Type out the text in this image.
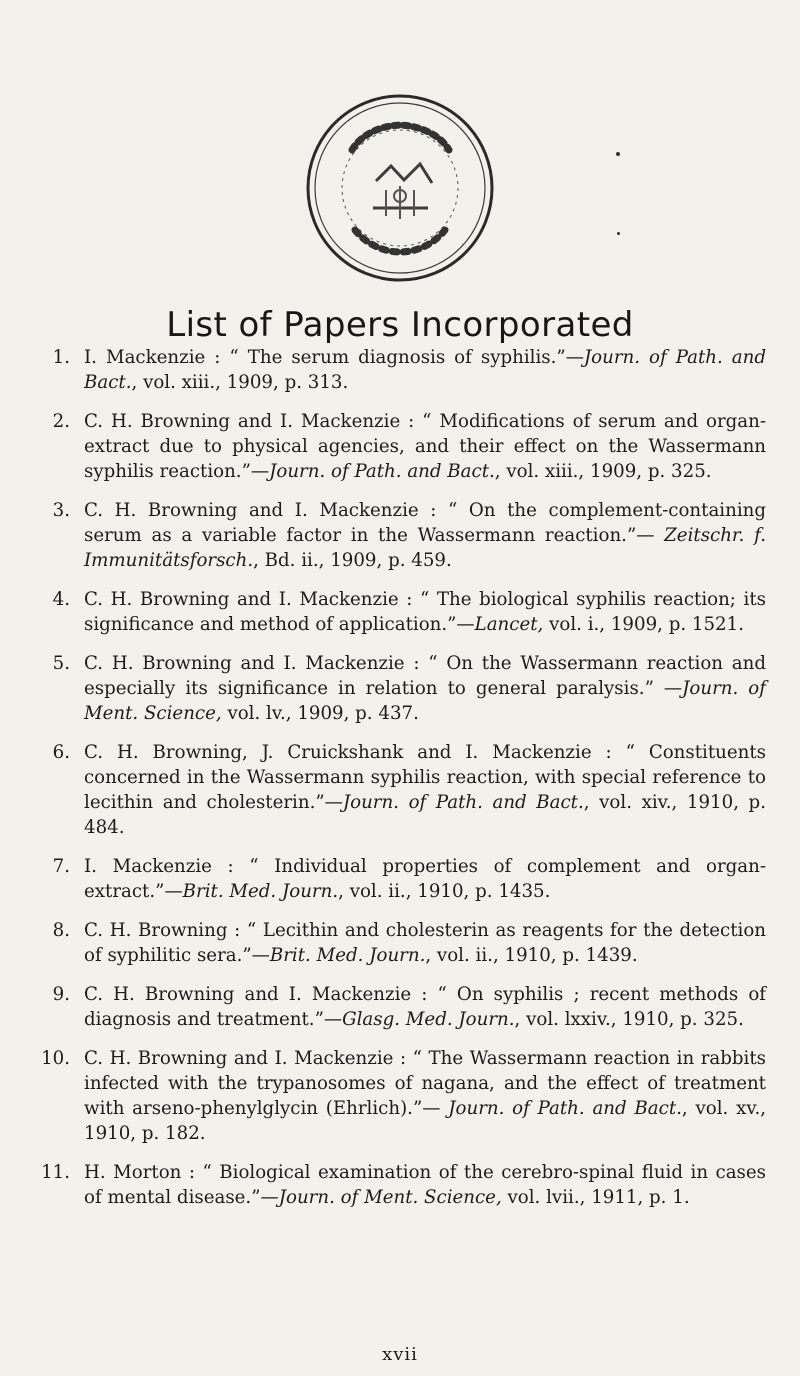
List of Papers Incorporated
1. I. Mackenzie : “ The serum diagnosis of syphilis.”—Journ. of Path. and Bact., vol. xiii., 1909, p. 313.
2. C. H. Browning and I. Mackenzie : “ Modifications of serum and organ-extract due to physical agencies, and their effect on the Wassermann syphilis reaction.”—Journ. of Path. and Bact., vol. xiii., 1909, p. 325.
3. C. H. Browning and I. Mackenzie : “ On the complement-containing serum as a variable factor in the Wassermann reaction.”— Zeitschr. f. Immunitätsforsch., Bd. ii., 1909, p. 459.
4. C. H. Browning and I. Mackenzie : “ The biological syphilis reaction; its significance and method of application.”—Lancet, vol. i., 1909, p. 1521.
5. C. H. Browning and I. Mackenzie : “ On the Wassermann reaction and especially its significance in relation to general paralysis.” —Journ. of Ment. Science, vol. lv., 1909, p. 437.
6. C. H. Browning, J. Cruickshank and I. Mackenzie : “ Constituents concerned in the Wassermann syphilis reaction, with special reference to lecithin and cholesterin.”—Journ. of Path. and Bact., vol. xiv., 1910, p. 484.
7. I. Mackenzie : “ Individual properties of complement and organ-extract.”—Brit. Med. Journ., vol. ii., 1910, p. 1435.
8. C. H. Browning : “ Lecithin and cholesterin as reagents for the detection of syphilitic sera.”—Brit. Med. Journ., vol. ii., 1910, p. 1439.
9. C. H. Browning and I. Mackenzie : “ On syphilis ; recent methods of diagnosis and treatment.”—Glasg. Med. Journ., vol. lxxiv., 1910, p. 325.
10. C. H. Browning and I. Mackenzie : “ The Wassermann reaction in rabbits infected with the trypanosomes of nagana, and the effect of treatment with arseno-phenylglycin (Ehrlich).”— Journ. of Path. and Bact., vol. xv., 1910, p. 182.
11. H. Morton : “ Biological examination of the cerebro-spinal fluid in cases of mental disease.”—Journ. of Ment. Science, vol. lvii., 1911, p. 1.
xvii
